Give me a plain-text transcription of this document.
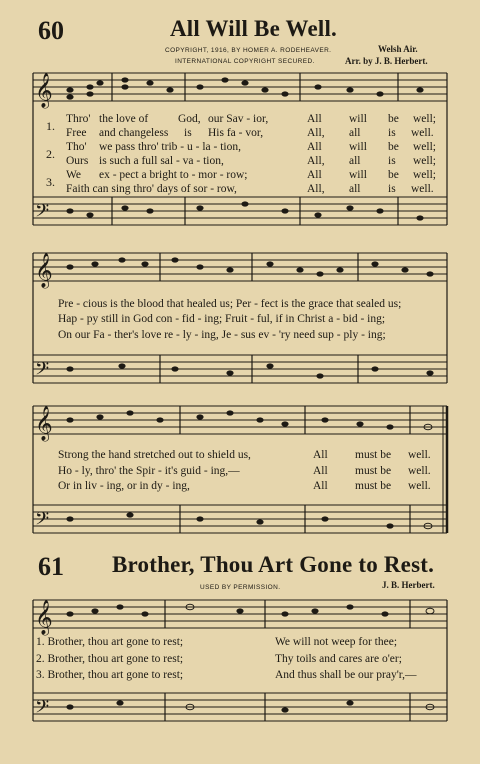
60	All Will Be Well.
COPYRIGHT, 1916, BY HOMER A. RODEHEAVER.
INTERNATIONAL COPYRIGHT SECURED.
Welsh Air.
Arr. by J. B. Herbert.
𝄞
𝄢
𝄞
𝄢
𝄞
𝄢
𝄞
𝄢
1.
2.
3.
Thro' the love of	God, our Sav - ior,	All will be well;
Free and changeless is His fa - vor,	All, all is well.
Tho' we pass thro' trib - u - la - tion,	All will be well;
Ours is such a full sal - va - tion,	All, all is well;
We ex - pect a bright to - mor - row;	All will be well;
Faith can sing thro' days of sor - row,	All, all is well.
Pre - cious is the blood that healed us; Per - fect is the grace that sealed us;
Hap - py still in God con - fid - ing; Fruit - ful, if in Christ a - bid - ing;
On our Fa - ther's love re - ly - ing, Je - sus ev - 'ry need sup - ply - ing;
Strong the hand stretched out to shield us,	All must be well.
Ho - ly, thro' the Spir - it's guid - ing,—	All must be well.
Or in liv - ing, or in dy - ing,	All must be well.
61 Brother, Thou Art Gone to Rest.
USED BY PERMISSION.	J. B. Herbert.
1. Brother, thou art gone to rest;	We will not weep for thee;
2. Brother, thou art gone to rest;	Thy toils and cares are o'er;
3. Brother, thou art gone to rest;	And thus shall be our pray'r,—
